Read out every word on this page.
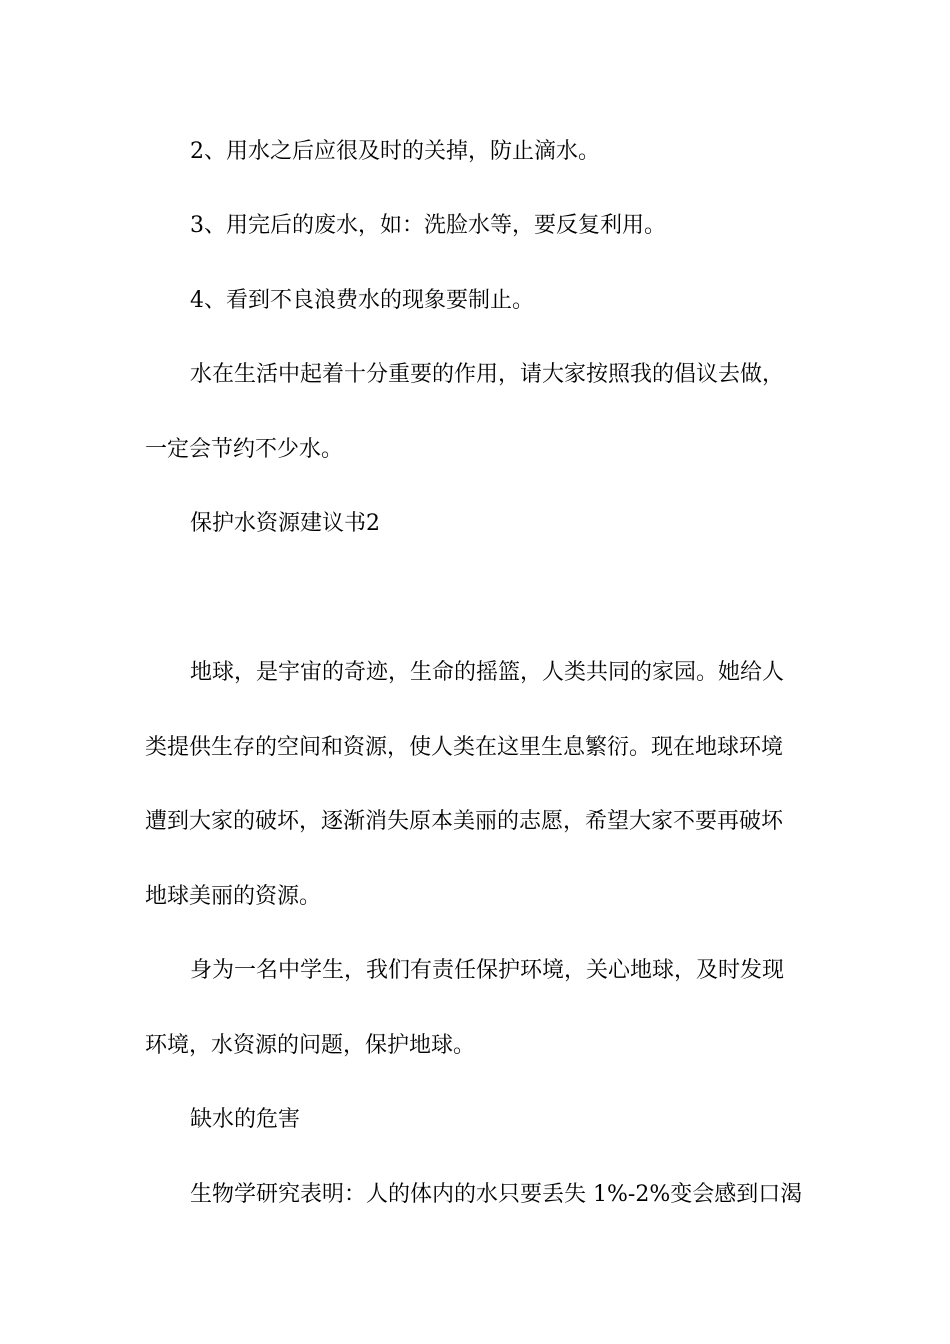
2、用水之后应很及时的关掉，防止滴水。
3、用完后的废水，如：洗脸水等，要反复利用。
4、看到不良浪费水的现象要制止。
水在生活中起着十分重要的作用，请大家按照我的倡议去做，
一定会节约不少水。
保护水资源建议书2
地球，是宇宙的奇迹，生命的摇篮，人类共同的家园。她给人
类提供生存的空间和资源，使人类在这里生息繁衍。现在地球环境
遭到大家的破坏，逐渐消失原本美丽的志愿，希望大家不要再破坏
地球美丽的资源。
身为一名中学生，我们有责任保护环境，关心地球，及时发现
环境，水资源的问题，保护地球。
缺水的危害
生物学研究表明：人的体内的水只要丢失 1%-2%变会感到口渴
